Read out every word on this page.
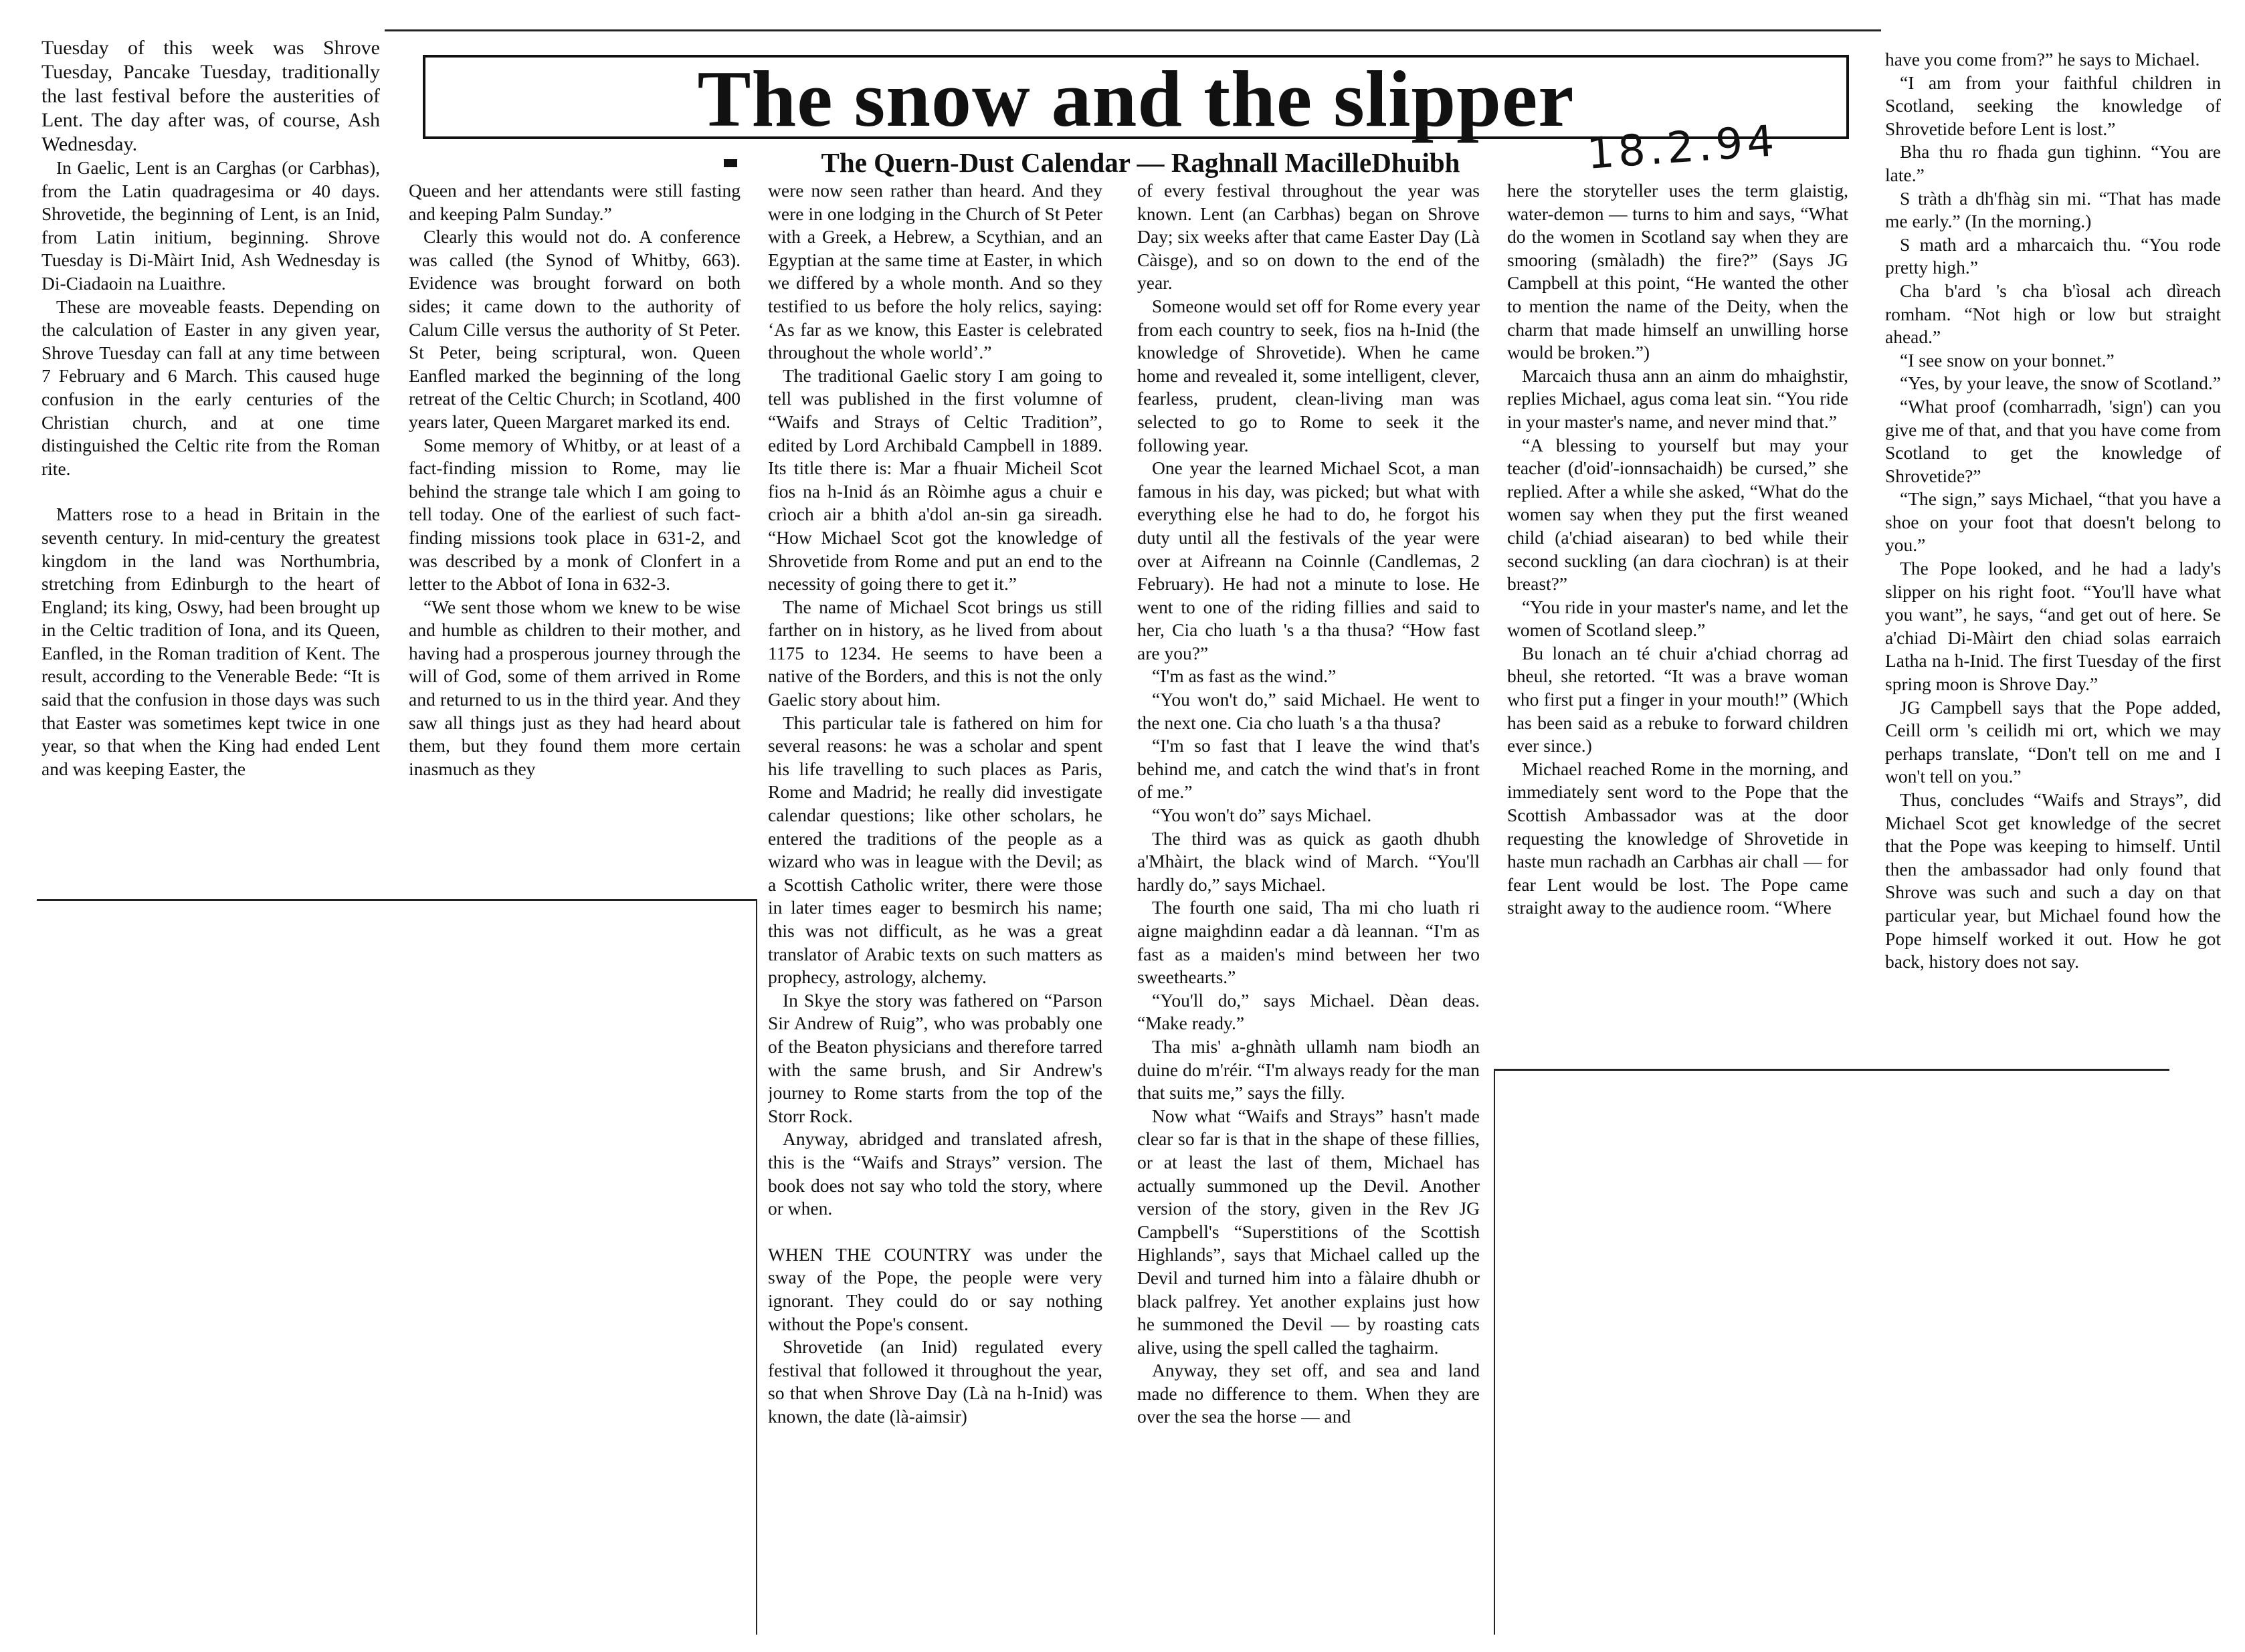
The snow and the slipper
The Quern-Dust Calendar — Raghnall MacilleDhuibh	18.2.94

Tuesday of this week was Shrove Tuesday, Pancake Tuesday, traditionally the last festival before the austerities of Lent. The day after was, of course, Ash Wednesday.

In Gaelic, Lent is an Carghas (or Carbhas), from the Latin quadragesima or 40 days. Shrovetide, the beginning of Lent, is an Inid, from Latin initium, beginning. Shrove Tuesday is Di-Màirt Inid, Ash Wednesday is Di-Ciadaoin na Luaithre.

These are moveable feasts. Depending on the calculation of Easter in any given year, Shrove Tuesday can fall at any time between 7 February and 6 March. This caused huge confusion in the early centuries of the Christian church, and at one time distinguished the Celtic rite from the Roman rite.

Matters rose to a head in Britain in the seventh century. In mid-century the greatest kingdom in the land was Northumbria, stretching from Edinburgh to the heart of England; its king, Oswy, had been brought up in the Celtic tradition of Iona, and its Queen, Eanfled, in the Roman tradition of Kent. The result, according to the Venerable Bede: “It is said that the confusion in those days was such that Easter was sometimes kept twice in one year, so that when the King had ended Lent and was keeping Easter, the

Queen and her attendants were still fasting and keeping Palm Sunday.”

Clearly this would not do. A conference was called (the Synod of Whitby, 663). Evidence was brought forward on both sides; it came down to the authority of Calum Cille versus the authority of St Peter. St Peter, being scriptural, won. Queen Eanfled marked the beginning of the long retreat of the Celtic Church; in Scotland, 400 years later, Queen Margaret marked its end.

Some memory of Whitby, or at least of a fact-finding mission to Rome, may lie behind the strange tale which I am going to tell today. One of the earliest of such fact-finding missions took place in 631-2, and was described by a monk of Clonfert in a letter to the Abbot of Iona in 632-3.

“We sent those whom we knew to be wise and humble as children to their mother, and having had a prosperous journey through the will of God, some of them arrived in Rome and returned to us in the third year. And they saw all things just as they had heard about them, but they found them more certain inasmuch as they

were now seen rather than heard. And they were in one lodging in the Church of St Peter with a Greek, a Hebrew, a Scythian, and an Egyptian at the same time at Easter, in which we differed by a whole month. And so they testified to us before the holy relics, saying: ‘As far as we know, this Easter is celebrated throughout the whole world’.”

The traditional Gaelic story I am going to tell was published in the first volumne of “Waifs and Strays of Celtic Tradition”, edited by Lord Archibald Campbell in 1889. Its title there is: Mar a fhuair Micheil Scot fios na h-Inid ás an Ròimhe agus a chuir e crìoch air a bhith a'dol an-sin ga sireadh. “How Michael Scot got the knowledge of Shrovetide from Rome and put an end to the necessity of going there to get it.”

The name of Michael Scot brings us still farther on in history, as he lived from about 1175 to 1234. He seems to have been a native of the Borders, and this is not the only Gaelic story about him.

This particular tale is fathered on him for several reasons: he was a scholar and spent his life travelling to such places as Paris, Rome and Madrid; he really did investigate calendar questions; like other scholars, he entered the traditions of the people as a wizard who was in league with the Devil; as a Scottish Catholic writer, there were those in later times eager to besmirch his name; this was not difficult, as he was a great translator of Arabic texts on such matters as prophecy, astrology, alchemy.

In Skye the story was fathered on “Parson Sir Andrew of Ruig”, who was probably one of the Beaton physicians and therefore tarred with the same brush, and Sir Andrew's journey to Rome starts from the top of the Storr Rock.

Anyway, abridged and translated afresh, this is the “Waifs and Strays” version. The book does not say who told the story, where or when.

WHEN THE COUNTRY was under the sway of the Pope, the people were very ignorant. They could do or say nothing without the Pope's consent.

Shrovetide (an Inid) regulated every festival that followed it throughout the year, so that when Shrove Day (Là na h-Inid) was known, the date (là-aimsir)

of every festival throughout the year was known. Lent (an Carbhas) began on Shrove Day; six weeks after that came Easter Day (Là Càisge), and so on down to the end of the year.

Someone would set off for Rome every year from each country to seek, fios na h-Inid (the knowledge of Shrovetide). When he came home and revealed it, some intelligent, clever, fearless, prudent, clean-living man was selected to go to Rome to seek it the following year.

One year the learned Michael Scot, a man famous in his day, was picked; but what with everything else he had to do, he forgot his duty until all the festivals of the year were over at Aifreann na Coinnle (Candlemas, 2 February). He had not a minute to lose. He went to one of the riding fillies and said to her, Cia cho luath 's a tha thusa? “How fast are you?”

“I'm as fast as the wind.”

“You won't do,” said Michael. He went to the next one. Cia cho luath 's a tha thusa?

“I'm so fast that I leave the wind that's behind me, and catch the wind that's in front of me.”

“You won't do” says Michael.

The third was as quick as gaoth dhubh a'Mhàirt, the black wind of March. “You'll hardly do,” says Michael.

The fourth one said, Tha mi cho luath ri aigne maighdinn eadar a dà leannan. “I'm as fast as a maiden's mind between her two sweethearts.”

“You'll do,” says Michael. Dèan deas. “Make ready.”

Tha mis' a-ghnàth ullamh nam biodh an duine do m'réir. “I'm always ready for the man that suits me,” says the filly.

Now what “Waifs and Strays” hasn't made clear so far is that in the shape of these fillies, or at least the last of them, Michael has actually summoned up the Devil. Another version of the story, given in the Rev JG Campbell's “Superstitions of the Scottish Highlands”, says that Michael called up the Devil and turned him into a fàlaire dhubh or black palfrey. Yet another explains just how he summoned the Devil — by roasting cats alive, using the spell called the taghairm.

Anyway, they set off, and sea and land made no difference to them. When they are over the sea the horse — and

here the storyteller uses the term glaistig, water-demon — turns to him and says, “What do the women in Scotland say when they are smooring (smàladh) the fire?” (Says JG Campbell at this point, “He wanted the other to mention the name of the Deity, when the charm that made himself an unwilling horse would be broken.”)

Marcaich thusa ann an ainm do mhaighstir, replies Michael, agus coma leat sin. “You ride in your master's name, and never mind that.”

“A blessing to yourself but may your teacher (d'oid'-ionnsachaidh) be cursed,” she replied. After a while she asked, “What do the women say when they put the first weaned child (a'chiad aisearan) to bed while their second suckling (an dara cìochran) is at their breast?”

“You ride in your master's name, and let the women of Scotland sleep.”

Bu lonach an té chuir a'chiad chorrag ad bheul, she retorted. “It was a brave woman who first put a finger in your mouth!” (Which has been said as a rebuke to forward children ever since.)

Michael reached Rome in the morning, and immediately sent word to the Pope that the Scottish Ambassador was at the door requesting the knowledge of Shrovetide in haste mun rachadh an Carbhas air chall — for fear Lent would be lost. The Pope came straight away to the audience room. “Where

have you come from?” he says to Michael.

“I am from your faithful children in Scotland, seeking the knowledge of Shrovetide before Lent is lost.”

Bha thu ro fhada gun tighinn. “You are late.”

S tràth a dh'fhàg sin mi. “That has made me early.” (In the morning.)

S math ard a mharcaich thu. “You rode pretty high.”

Cha b'ard 's cha b'ìosal ach dìreach romham. “Not high or low but straight ahead.”

“I see snow on your bonnet.”

“Yes, by your leave, the snow of Scotland.”

“What proof (comharradh, 'sign') can you give me of that, and that you have come from Scotland to get the knowledge of Shrovetide?”

“The sign,” says Michael, “that you have a shoe on your foot that doesn't belong to you.”

The Pope looked, and he had a lady's slipper on his right foot. “You'll have what you want”, he says, “and get out of here. Se a'chiad Di-Màirt den chiad solas earraich Latha na h-Inid. The first Tuesday of the first spring moon is Shrove Day.”

JG Campbell says that the Pope added, Ceill orm 's ceilidh mi ort, which we may perhaps translate, “Don't tell on me and I won't tell on you.”

Thus, concludes “Waifs and Strays”, did Michael Scot get knowledge of the secret that the Pope was keeping to himself. Until then the ambassador had only found that Shrove was such and such a day on that particular year, but Michael found how the Pope himself worked it out. How he got back, history does not say.
